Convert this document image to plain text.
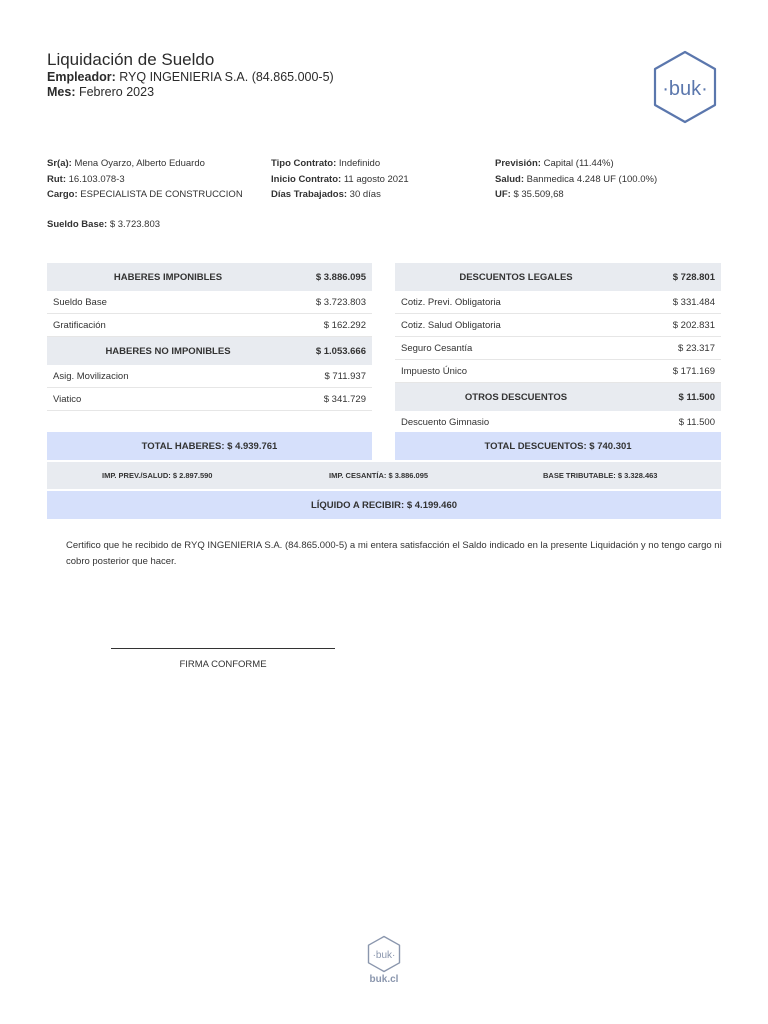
Liquidación de Sueldo
Empleador: RYQ INGENIERIA S.A. (84.865.000-5)
Mes: Febrero 2023	·buk·
Sr(a): Mena Oyarzo, Alberto Eduardo
Rut: 16.103.078-3
Cargo: ESPECIALISTA DE CONSTRUCCION
Tipo Contrato: Indefinido
Inicio Contrato: 11 agosto 2021
Días Trabajados: 30 días
Previsión: Capital (11.44%)
Salud: Banmedica 4.248 UF (100.0%)
UF: $ 35.509,68
Sueldo Base: $ 3.723.803
HABERES IMPONIBLES	$ 3.886.095
Sueldo Base	$ 3.723.803
Gratificación	$ 162.292
HABERES NO IMPONIBLES	$ 1.053.666
Asig. Movilizacion	$ 711.937
Viatico	$ 341.729
DESCUENTOS LEGALES	$ 728.801
Cotiz. Previ. Obligatoria	$ 331.484
Cotiz. Salud Obligatoria	$ 202.831
Seguro Cesantía	$ 23.317
Impuesto Único	$ 171.169
OTROS DESCUENTOS	$ 11.500
Descuento Gimnasio	$ 11.500
TOTAL HABERES: $ 4.939.761	TOTAL DESCUENTOS: $ 740.301
IMP. PREV./SALUD: $ 2.897.590	IMP. CESANTÍA: $ 3.886.095	BASE TRIBUTABLE: $ 3.328.463
LÍQUIDO A RECIBIR: $ 4.199.460
Certifico que he recibido de RYQ INGENIERIA S.A. (84.865.000-5) a mi entera satisfacción el Saldo indicado en la presente Liquidación y no tengo cargo ni cobro posterior que hacer.
FIRMA CONFORME
·buk·
buk.cl
